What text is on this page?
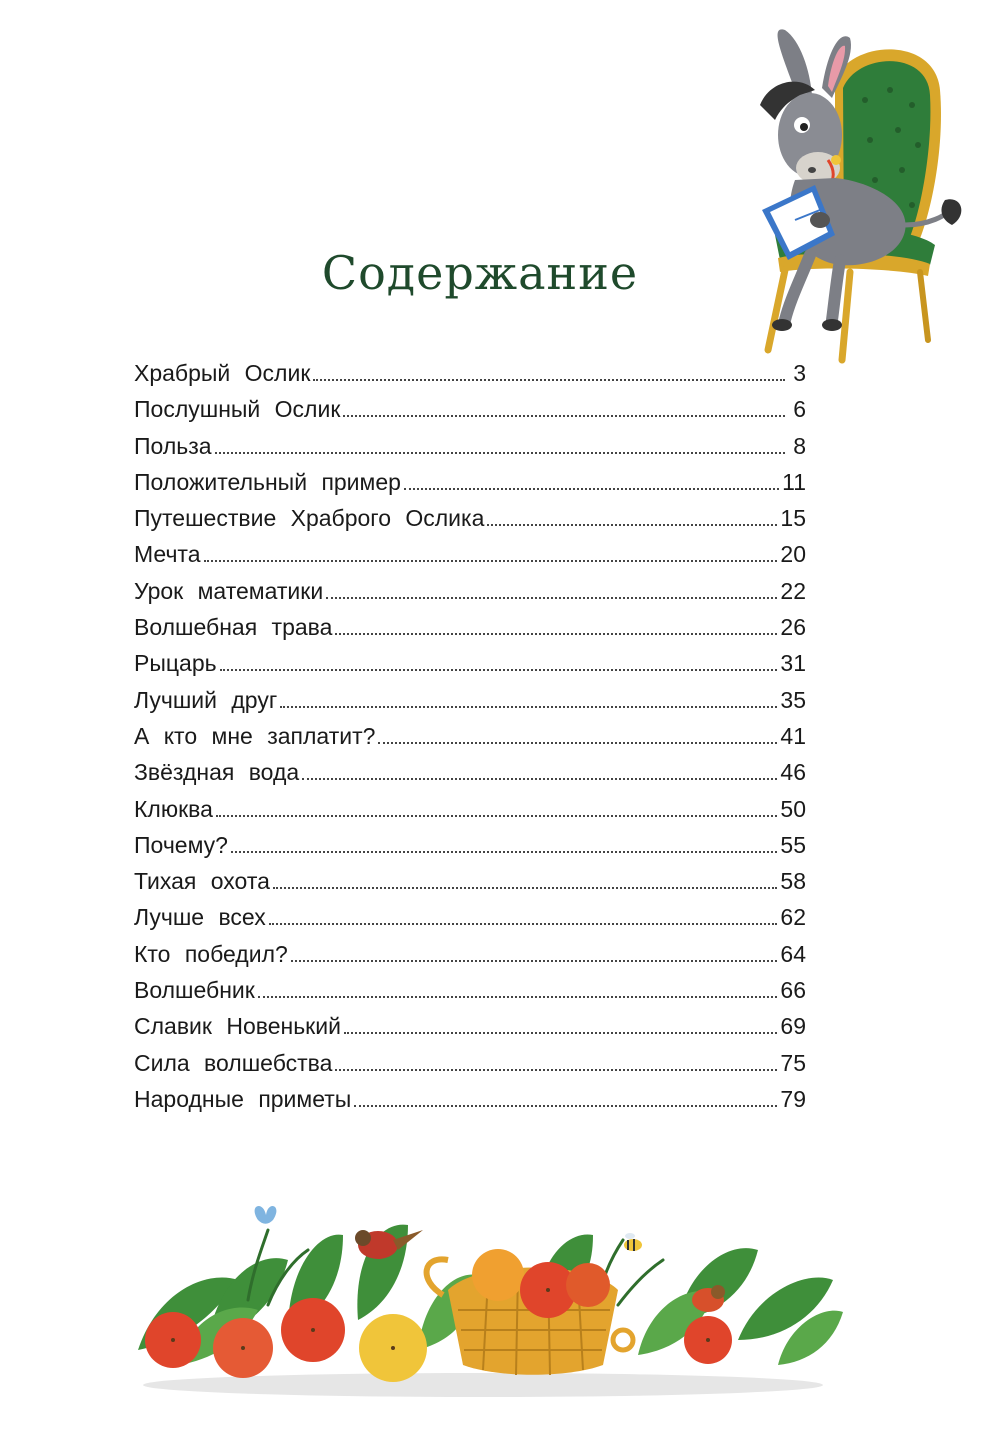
Содержание
Храбрый Ослик	3
Послушный Ослик	6
Польза	8
Положительный пример	11
Путешествие Храброго Ослика	15
Мечта	20
Урок математики	22
Волшебная трава	26
Рыцарь	31
Лучший друг	35
А кто мне заплатит?	41
Звёздная вода	46
Клюква	50
Почему?	55
Тихая охота	58
Лучше всех	62
Кто победил?	64
Волшебник	66
Славик Новенький	69
Сила волшебства	75
Народные приметы	79
